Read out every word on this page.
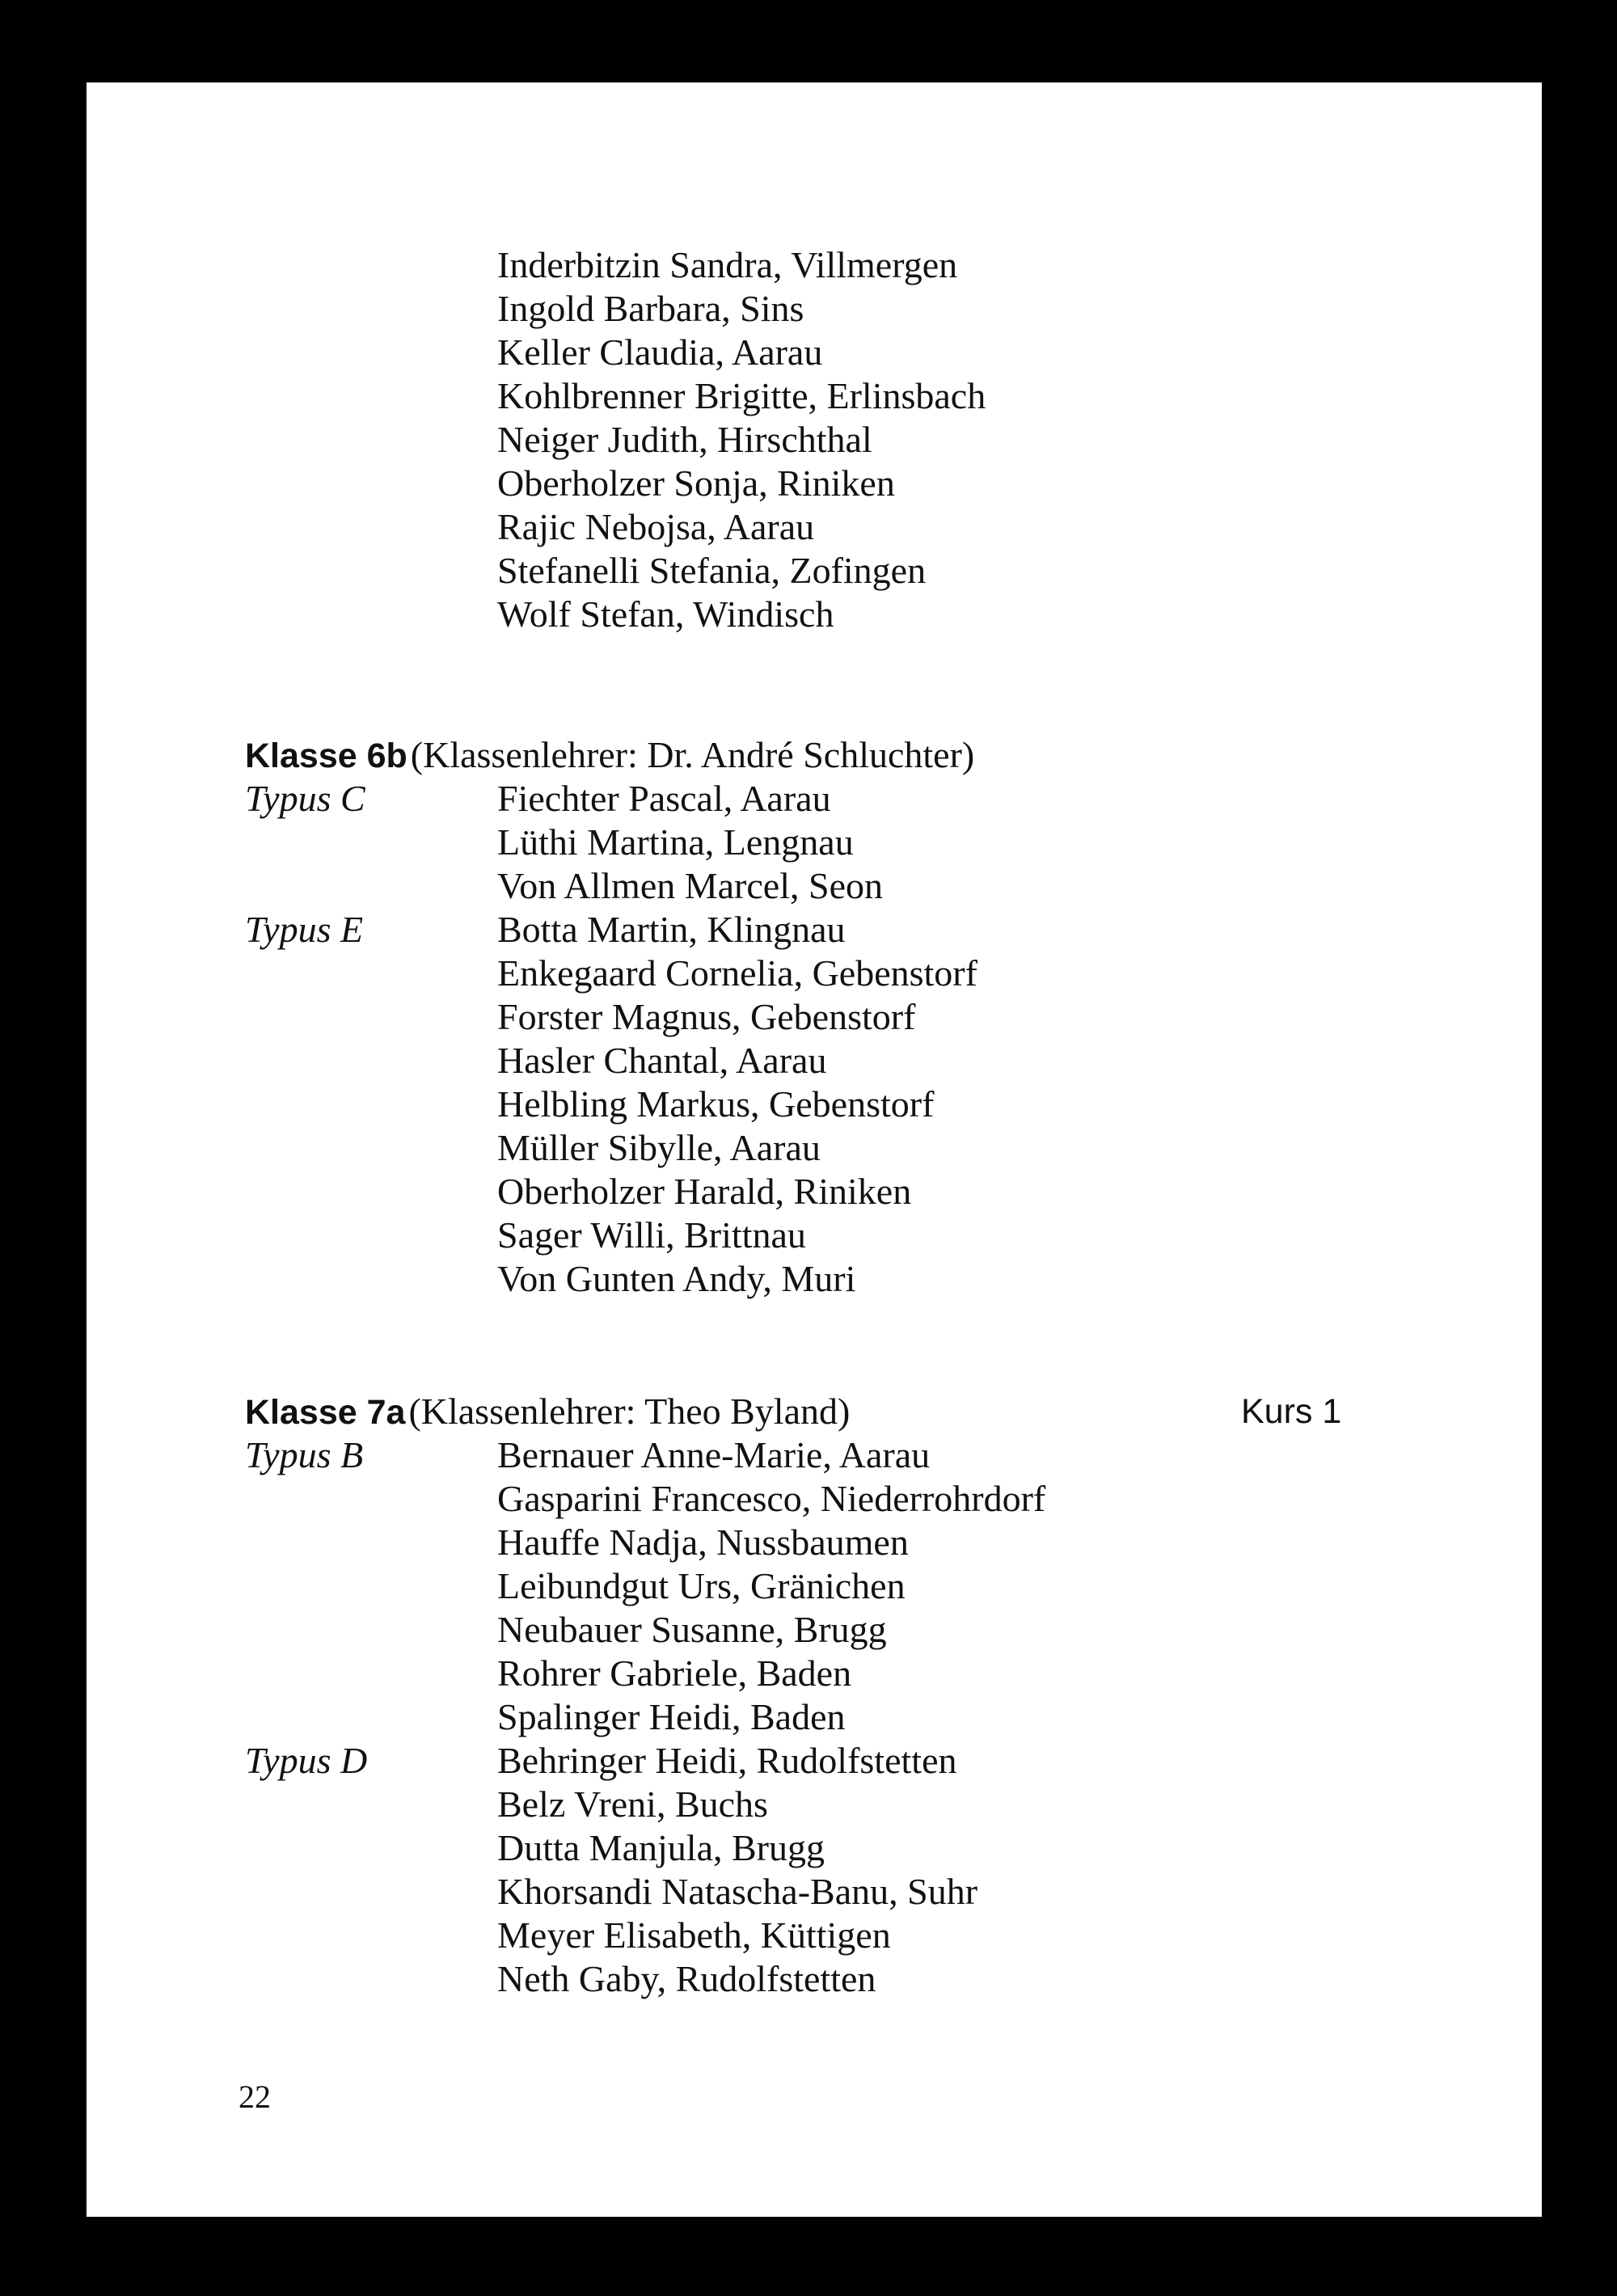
Inderbitzin Sandra, Villmergen
Ingold Barbara, Sins
Keller Claudia, Aarau
Kohlbrenner Brigitte, Erlinsbach
Neiger Judith, Hirschthal
Oberholzer Sonja, Riniken
Rajic Nebojsa, Aarau
Stefanelli Stefania, Zofingen
Wolf Stefan, Windisch
Klasse 6b (Klassenlehrer: Dr. André Schluchter)
Typus C	Fiechter Pascal, Aarau
Lüthi Martina, Lengnau
Von Allmen Marcel, Seon
Typus E	Botta Martin, Klingnau
Enkegaard Cornelia, Gebenstorf
Forster Magnus, Gebenstorf
Hasler Chantal, Aarau
Helbling Markus, Gebenstorf
Müller Sibylle, Aarau
Oberholzer Harald, Riniken
Sager Willi, Brittnau
Von Gunten Andy, Muri
Klasse 7a (Klassenlehrer: Theo Byland)	Kurs 1
Typus B	Bernauer Anne-Marie, Aarau
Gasparini Francesco, Niederrohrdorf
Hauffe Nadja, Nussbaumen
Leibundgut Urs, Gränichen
Neubauer Susanne, Brugg
Rohrer Gabriele, Baden
Spalinger Heidi, Baden
Typus D	Behringer Heidi, Rudolfstetten
Belz Vreni, Buchs
Dutta Manjula, Brugg
Khorsandi Natascha-Banu, Suhr
Meyer Elisabeth, Küttigen
Neth Gaby, Rudolfstetten
22
